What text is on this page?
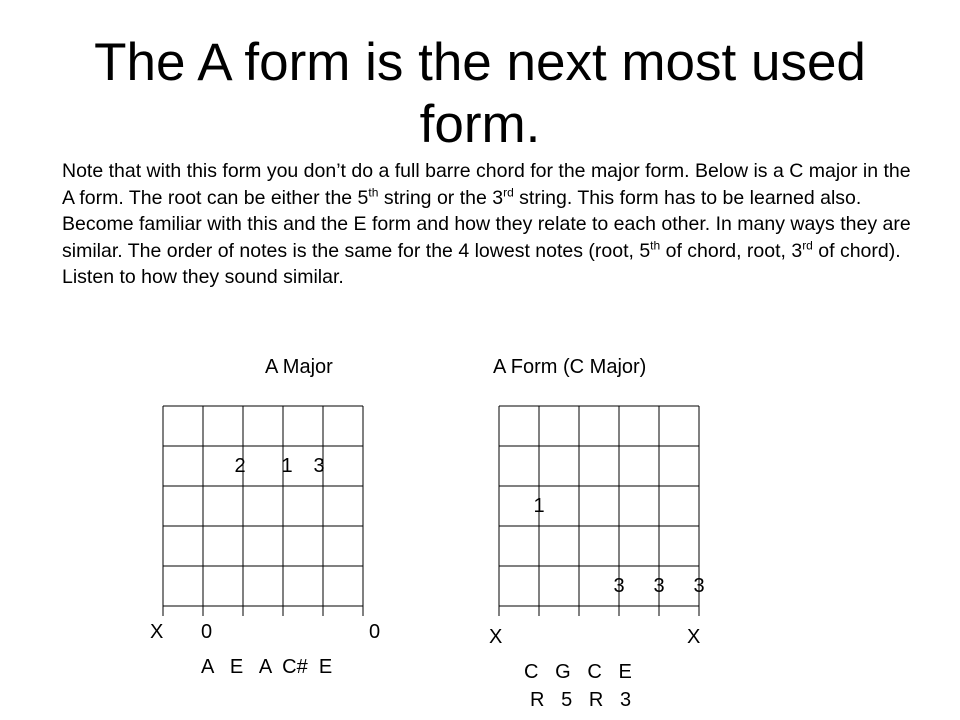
The A form is the next most used form.
Note that with this form you don’t do a full barre chord for the major form. Below is a C major in the A form. The root can be either the 5th string or the 3rd string. This form has to be learned also. Become familiar with this and the E form and how they relate to each other. In many ways they are similar. The order of notes is the same for the 4 lowest notes (root, 5th of chord, root, 3rd of chord). Listen to how they sound similar.
A Major
2 1 3
X 0	0
A   E   A  C#  E
A Form (C Major)
1
3 3 3
X	X
C   G   C   E
R   5   R   3
